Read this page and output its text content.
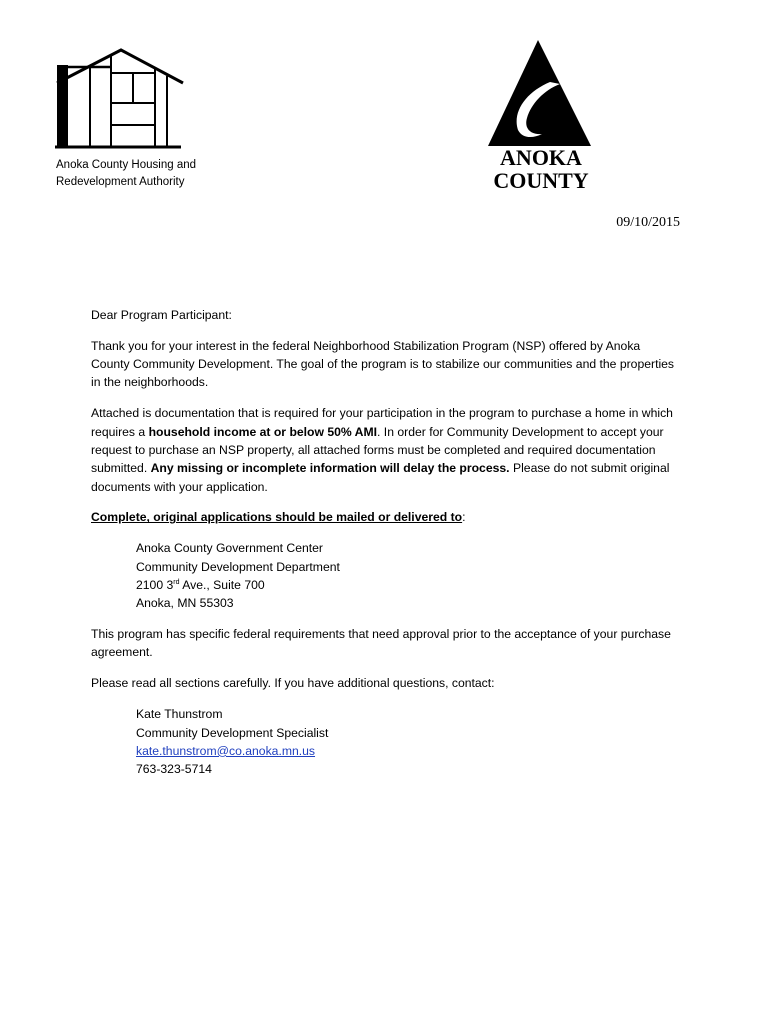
Anoka County Housing and
Redevelopment Authority
ANOKA
COUNTY
09/10/2015

Dear Program Participant:

Thank you for your interest in the federal Neighborhood Stabilization Program (NSP) offered by Anoka County Community Development. The goal of the program is to stabilize our communities and the properties in the neighborhoods.

Attached is documentation that is required for your participation in the program to purchase a home in which requires a household income at or below 50% AMI. In order for Community Development to accept your request to purchase an NSP property, all attached forms must be completed and required documentation submitted. Any missing or incomplete information will delay the process. Please do not submit original documents with your application.

Complete, original applications should be mailed or delivered to:

Anoka County Government Center
Community Development Department
2100 3rd Ave., Suite 700
Anoka, MN 55303

This program has specific federal requirements that need approval prior to the acceptance of your purchase agreement.

Please read all sections carefully. If you have additional questions, contact:

Kate Thunstrom
Community Development Specialist
kate.thunstrom@co.anoka.mn.us
763-323-5714
